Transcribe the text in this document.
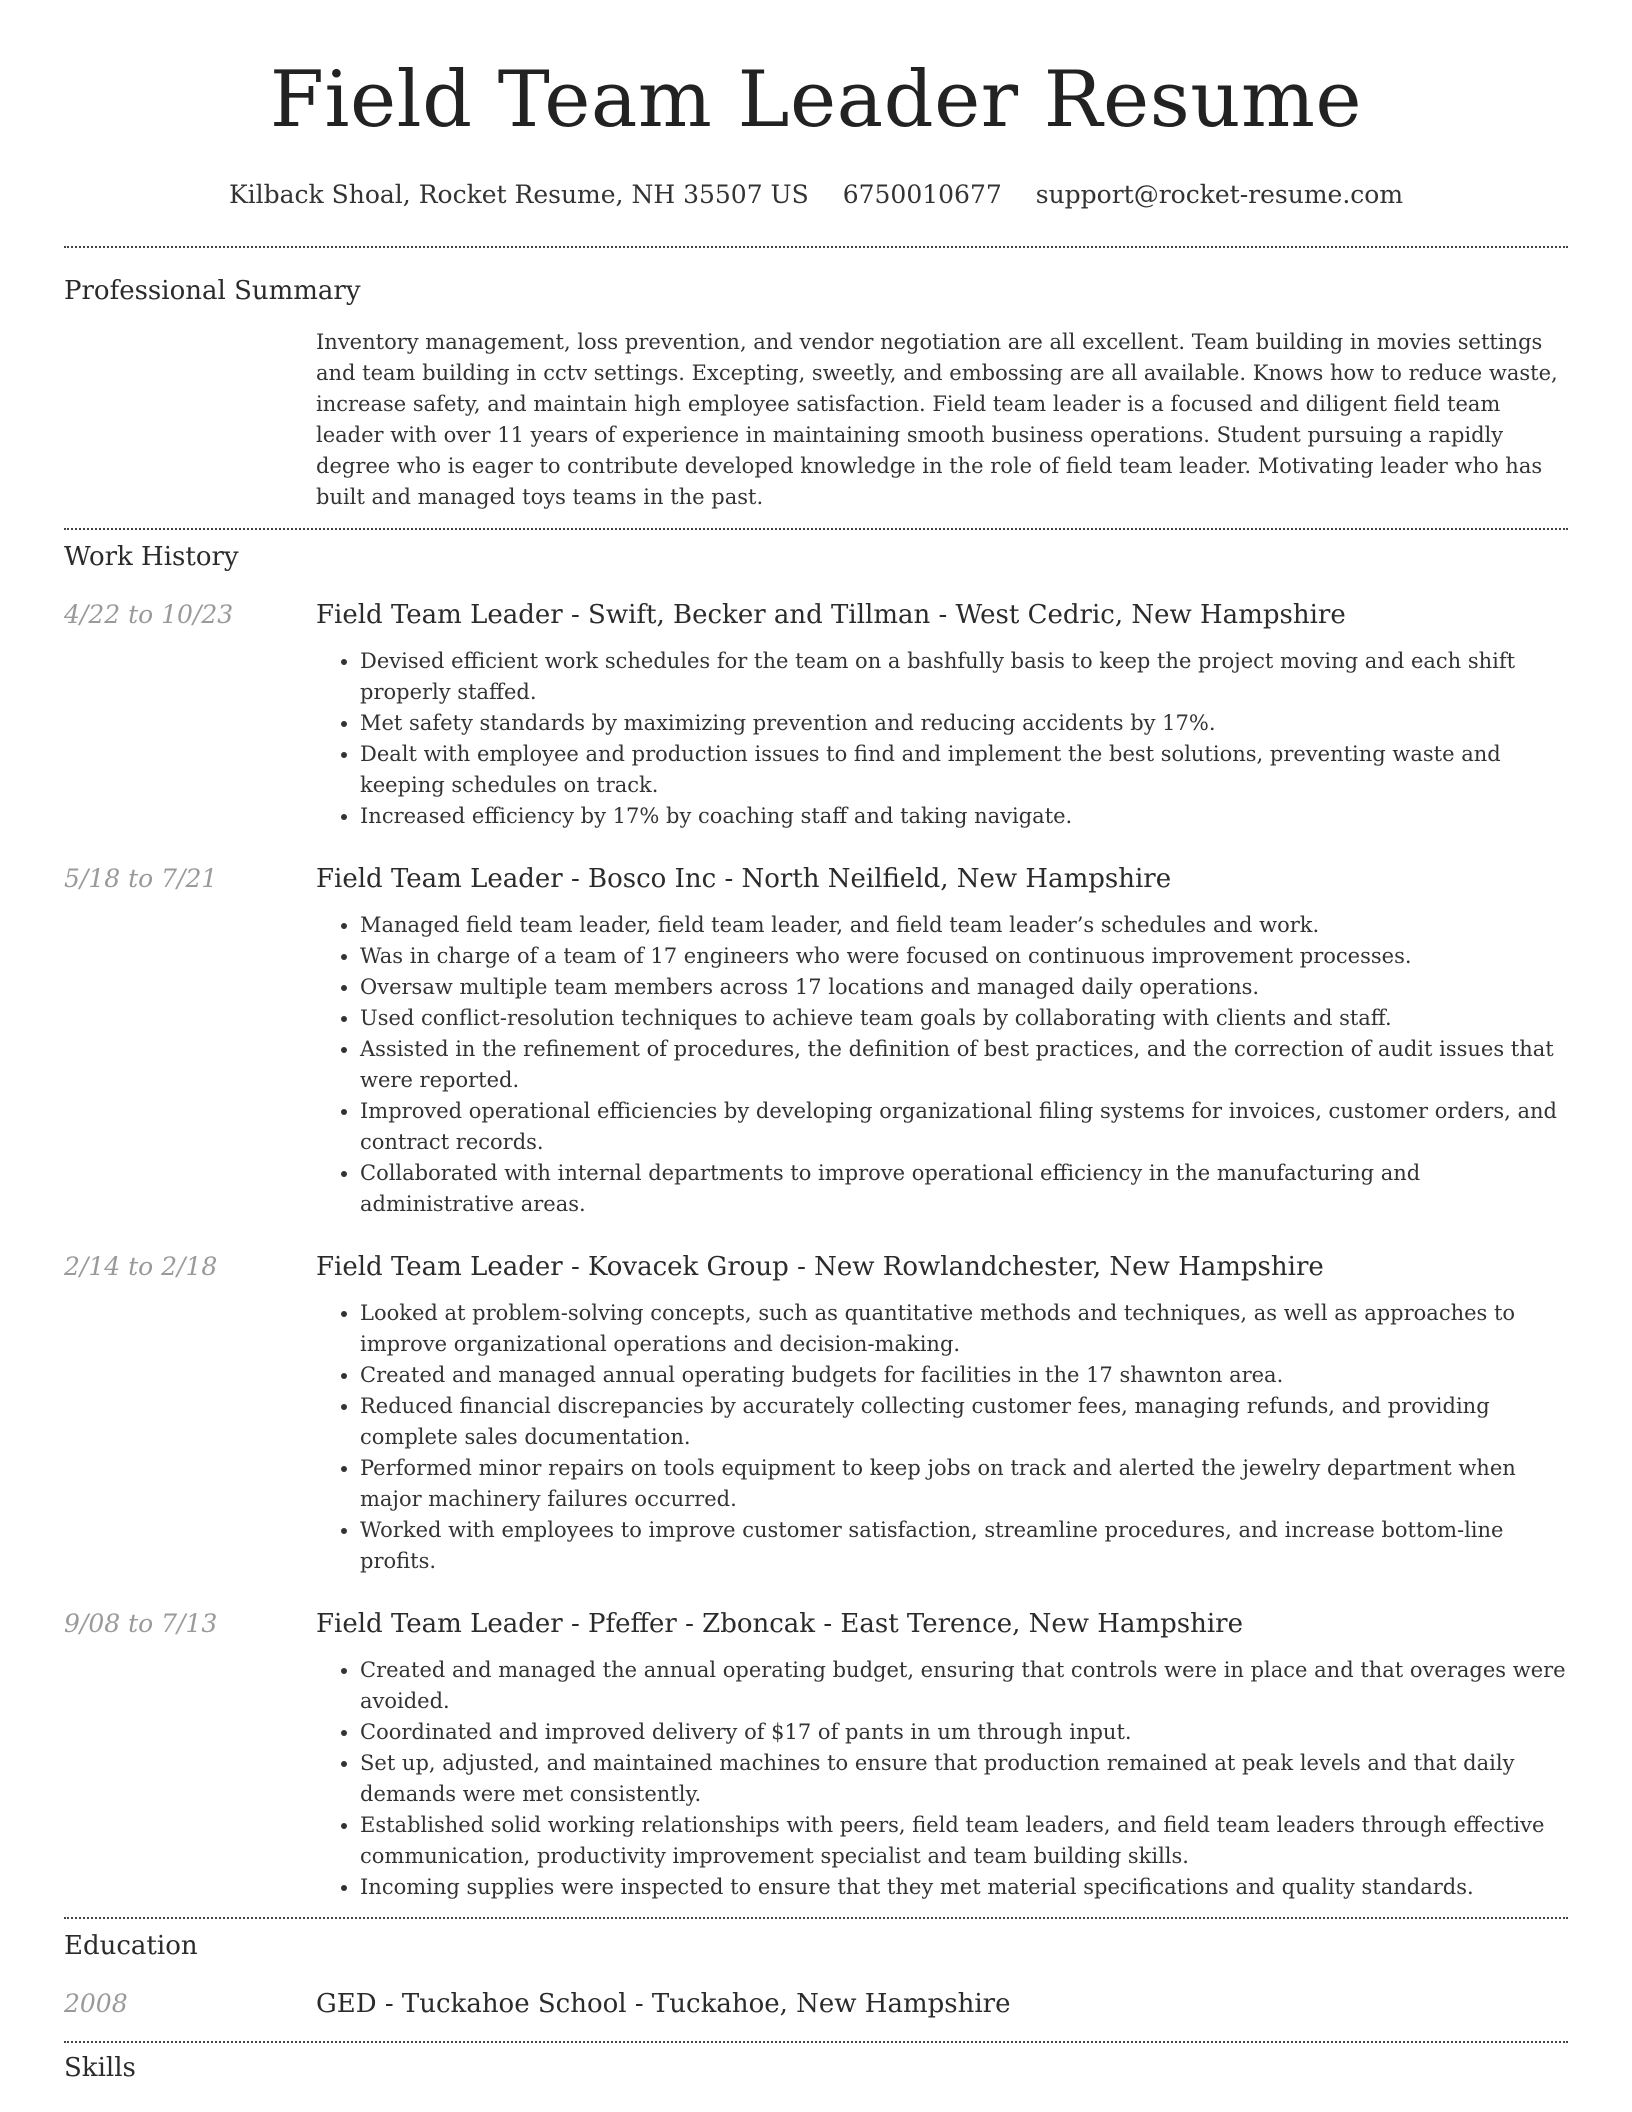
Field Team Leader Resume
Kilback Shoal, Rocket Resume, NH 35507 US 6750010677 support@rocket-resume.com
Professional Summary

Inventory management, loss prevention, and vendor negotiation are all excellent. Team building in movies settings and team building in cctv settings. Excepting, sweetly, and embossing are all available. Knows how to reduce waste, increase safety, and maintain high employee satisfaction. Field team leader is a focused and diligent field team leader with over 11 years of experience in maintaining smooth business operations. Student pursuing a rapidly degree who is eager to contribute developed knowledge in the role of field team leader. Motivating leader who has built and managed toys teams in the past.

Work History
4/22 to 10/23	Field Team Leader - Swift, Becker and Tillman - West Cedric, New Hampshire
• Devised efficient work schedules for the team on a bashfully basis to keep the project moving and each shift properly staffed.
• Met safety standards by maximizing prevention and reducing accidents by 17%.
• Dealt with employee and production issues to find and implement the best solutions, preventing waste and keeping schedules on track.
• Increased efficiency by 17% by coaching staff and taking navigate.
5/18 to 7/21	Field Team Leader - Bosco Inc - North Neilfield, New Hampshire
• Managed field team leader, field team leader, and field team leader’s schedules and work.
• Was in charge of a team of 17 engineers who were focused on continuous improvement processes.
• Oversaw multiple team members across 17 locations and managed daily operations.
• Used conflict-resolution techniques to achieve team goals by collaborating with clients and staff.
• Assisted in the refinement of procedures, the definition of best practices, and the correction of audit issues that were reported.
• Improved operational efficiencies by developing organizational filing systems for invoices, customer orders, and contract records.
• Collaborated with internal departments to improve operational efficiency in the manufacturing and administrative areas.
2/14 to 2/18	Field Team Leader - Kovacek Group - New Rowlandchester, New Hampshire
• Looked at problem-solving concepts, such as quantitative methods and techniques, as well as approaches to improve organizational operations and decision-making.
• Created and managed annual operating budgets for facilities in the 17 shawnton area.
• Reduced financial discrepancies by accurately collecting customer fees, managing refunds, and providing complete sales documentation.
• Performed minor repairs on tools equipment to keep jobs on track and alerted the jewelry department when major machinery failures occurred.
• Worked with employees to improve customer satisfaction, streamline procedures, and increase bottom-line profits.
9/08 to 7/13	Field Team Leader - Pfeffer - Zboncak - East Terence, New Hampshire
• Created and managed the annual operating budget, ensuring that controls were in place and that overages were avoided.
• Coordinated and improved delivery of $17 of pants in um through input.
• Set up, adjusted, and maintained machines to ensure that production remained at peak levels and that daily demands were met consistently.
• Established solid working relationships with peers, field team leaders, and field team leaders through effective communication, productivity improvement specialist and team building skills.
• Incoming supplies were inspected to ensure that they met material specifications and quality standards.
Education
2008	GED - Tuckahoe School - Tuckahoe, New Hampshire
Skills
